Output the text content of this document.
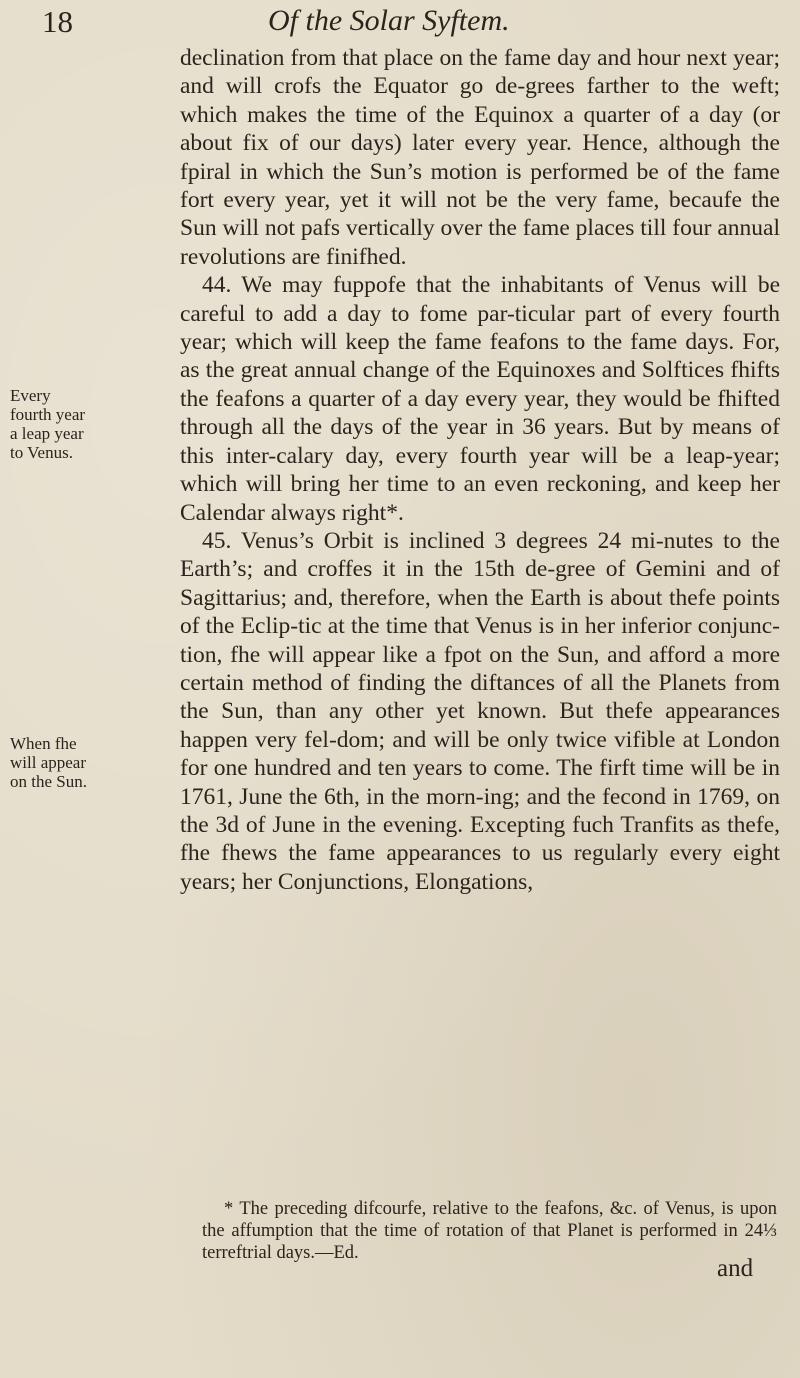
18	Of the Solar Syftem.
Every
fourth year
a leap year
to Venus.
When fhe
will appear
on the Sun.

declination from that place on the fame day and hour next year; and will crofs the Equator go de-grees farther to the weft; which makes the time of the Equinox a quarter of a day (or about fix of our days) later every year. Hence, although the fpiral in which the Sun’s motion is performed be of the fame fort every year, yet it will not be the very fame, becaufe the Sun will not pafs vertically over the fame places till four annual revolutions are finifhed.

44. We may fuppofe that the inhabitants of Venus will be careful to add a day to fome par-ticular part of every fourth year; which will keep the fame feafons to the fame days. For, as the great annual change of the Equinoxes and Solftices fhifts the feafons a quarter of a day every year, they would be fhifted through all the days of the year in 36 years. But by means of this inter-calary day, every fourth year will be a leap-year; which will bring her time to an even reckoning, and keep her Calendar always right*.

45. Venus’s Orbit is inclined 3 degrees 24 mi-nutes to the Earth’s; and croffes it in the 15th de-gree of Gemini and of Sagittarius; and, therefore, when the Earth is about thefe points of the Eclip-tic at the time that Venus is in her inferior conjunc-tion, fhe will appear like a fpot on the Sun, and afford a more certain method of finding the diftances of all the Planets from the Sun, than any other yet known. But thefe appearances happen very fel-dom; and will be only twice vifible at London for one hundred and ten years to come. The firft time will be in 1761, June the 6th, in the morn-ing; and the fecond in 1769, on the 3d of June in the evening. Excepting fuch Tranfits as thefe, fhe fhews the fame appearances to us regularly every eight years; her Conjunctions, Elongations,

* The preceding difcourfe, relative to the feafons, &c. of Venus, is upon the affumption that the time of rotation of that Planet is performed in 24⅓ terreftrial days.—Ed.
and
